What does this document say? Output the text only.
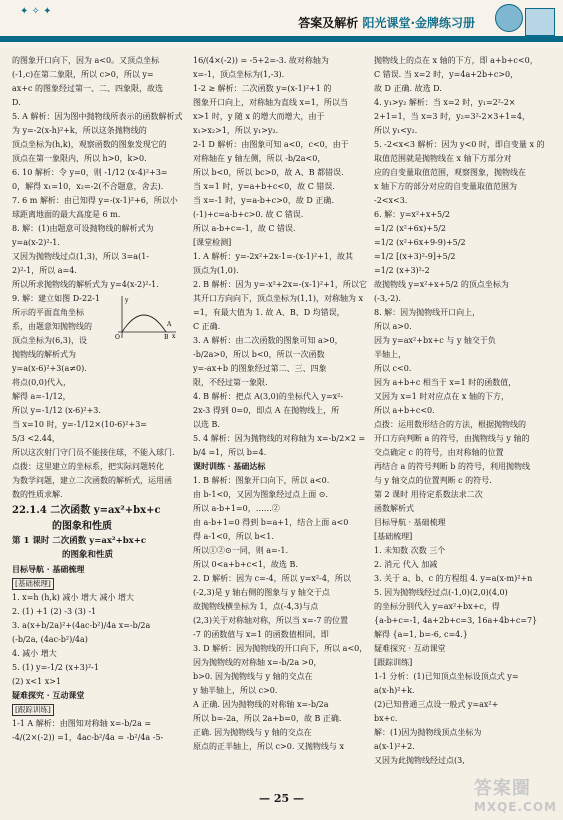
✦ ✧ ✦
答案及解析 阳光课堂·金牌练习册

的图象开口向下，因为 a<0。又顶点坐标

(-1,c)在第二象限，所以 c>0，所以 y=

ax+c 的图象经过第一、二、四象限，故选

D.

5. A 解析：因为图中抛物线所表示的函数解析式

为 y=-2(x-h)²+k，所以这条抛物线的

顶点坐标为(h,k)，观察函数的图象发现它的

顶点在第一象限内，所以 h>0，k>0.

6. 10 解析：令 y=0，则 -1/12 (x-4)²+3=

0，解得 x₁=10，x₂=-2(不合题意，舍去).

7. 6 m 解析：由已知得 y=-(x-1)²+6，所以小

球距离地面的最大高度是 6 m.

8. 解：(1)由题意可设抛物线的解析式为

y=a(x-2)²-1.

又因为抛物线过点(1,3)，所以 3=a(1-

2)²-1，所以 a=4.

所以所求抛物线的解析式为 y=4(x-2)²-1.

9. 解：建立如图 D-22-1

所示的平面直角坐标

系，由题意知抛物线的

顶点坐标为(6,3)，设

抛物线的解析式为

y=a(x-6)²+3(a≠0).

将点(0,0)代入，

解得 a=-1/12，

所以 y=-1/12 (x-6)²+3.

当 x=10 时，y=-1/12×(10-6)²+3=

5/3 <2.44，

所以这次射门守门员不能接住球，不能入球门.

点拨：这里建立的坐标系，把实际问题转化

为数学问题，建立二次函数的解析式，运用函

数的性质求解.

22.1.4 二次函数 y=ax²+bx+c

的图象和性质

第 1 课时 二次函数 y=ax²+bx+c

的图象和性质

目标导航 · 基础梳理

[基础梳理]

1. x=h (h,k) 减小 增大 减小 增大

2. (1) +1 (2) -3 (3) -1

3. a(x+b/2a)²+(4ac-b²)/4a x=-b/2a

(-b/2a, (4ac-b²)/4a)

4. 减小 增大

5. (1) y=-1/2 (x+3)²-1

(2) x<1 x>1

疑难探究 · 互动课堂

[跟踪训练]

1-1 A 解析：由图知对称轴 x=-b/2a =

-4/(2×(-2)) =1，4ac-b²/4a = -b²/4a -5-

y
x
O	B
A

16/(4×(-2)) = -5+2=-3. 故对称轴为

x=-1，顶点坐标为(1,-3).

1-2 ≥ 解析：二次函数 y=(x-1)²+1 的

图象开口向上，对称轴为直线 x=1，所以当

x>1 时，y 随 x 的增大而增大，由于

x₁>x₂>1，所以 y₁>y₂.

2-1 D 解析：由图象可知 a<0，c<0，由于

对称轴在 y 轴左侧，所以 -b/2a<0，

所以 b<0，所以 bc>0，故 A、B 都错误.

当 x=1 时，y=a+b+c<0，故 C 错误.

当 x=-1 时，y=a-b+c>0，故 D 正确.

(-1)+c=a-b+c>0. 故 C 错误.

所以 a-b+c=-1，故 C 错误.

[课堂检测]

1. A 解析：y=-2x²+2x-1=-(x-1)²+1，故其

顶点为(1,0).

2. B 解析：因为 y=-x²+2x=-(x-1)²+1，所以它

其开口方向向下，顶点坐标为(1,1)，对称轴为 x

=1，有最大值为 1. 故 A、B、D 均错误，

C 正确.

3. A 解析：由二次函数的图象可知 a>0，

-b/2a>0，所以 b<0，所以一次函数

y=-ax+b 的图象经过第二、三、四象

限，不经过第一象限.

4. B 解析：把点 A(3,0)的坐标代入 y=x²-

2x-3 得到 0=0，即点 A 在抛物线上，所

以选 B.

5. 4 解析：因为抛物线的对称轴为 x=-b/2×2 =

b/4 =1，所以 b=4.

课时训练 · 基础达标

1. B 解析：图象开口向下，所以 a<0.

由 b-1<0，又因为图象经过点上面 ⊙.

所以 a-b+1=0，……②

由 a-b+1=0 得到 b=a+1，结合上面 a<0

得 a-1<0，所以 b<1.

所以①②⊙一同，则 a=-1.

所以 0<a+b+c<1，故选 B.

2. D 解析：因为 c=-4，所以 y=x²-4，所以

(-2,3)是 y 轴右侧的图象与 y 轴交于点

故抛物线横坐标为 1，点(-4,3)与点

(2,3)关于对称轴对称，所以当 x=-7 的位置

-7 的函数值与 x=1 的函数值相同，即

3. D 解析：因为抛物线的开口向下，所以 a<0，

因为抛物线的对称轴 x=-b/2a >0，

b>0. 因为抛物线与 y 轴的交点在

y 轴半轴上，所以 c>0.

A 正确. 因为抛物线的对称轴 x=-b/2a

所以 b=-2a，所以 2a+b=0，故 B 正确.

正确. 因为抛物线与 y 轴的交点在

原点的正半轴上，所以 c>0. 又抛物线与 x

抛物线上的点在 x 轴的下方，即 a+b+c<0，

C 错误. 当 x=2 时，y=4a+2b+c>0，

故 D 正确. 故选 D.

4. y₁>y₂ 解析：当 x=2 时，y₁=2²-2×

2+1=1，当 x=3 时，y₂=3²-2×3+1=4，

所以 y₁<y₂.

5. -2<x<3 解析：因为 y<0 时，即自变量 x 的

取值范围就是抛物线在 x 轴下方部分对

应的自变量取值范围，观察图象，抛物线在

x 轴下方的部分对应的自变量取值范围为

-2<x<3.

6. 解：y=x²+x+5/2

=1/2 (x²+6x)+5/2

=1/2 (x²+6x+9-9)+5/2

=1/2 [(x+3)²-9]+5/2

=1/2 (x+3)²-2

故抛物线 y=x²+x+5/2 的顶点坐标为

(-3,-2).

8. 解：因为抛物线开口向上，

所以 a>0.

因为 y=ax²+bx+c 与 y 轴交于负

半轴上，

所以 c<0.

因为 a+b+c 相当于 x=1 时的函数值，

又因为 x=1 时对应点在 x 轴的下方，

所以 a+b+c<0.

点拨：运用数形结合的方法，根据抛物线的

开口方向判断 a 的符号，由抛物线与 y 轴的

交点确定 c 的符号，由对称轴的位置

再结合 a 的符号判断 b 的符号，利用抛物线

与 y 轴交点的位置判断 c 的符号.

第 2 课时 用待定系数法求二次

函数解析式

目标导航 · 基础梳理

[基础梳理]

1. 未知数 次数 三个

2. 消元 代入 加减

3. 关于 a、b、c 的方程组 4. y=a(x-m)²+n

5. 因为抛物线经过点(-1,0)(2,0)(4,0)

的坐标分别代入 y=ax²+bx+c，得

{a-b+c=-1, 4a+2b+c=3, 16a+4b+c=7}

解得 {a=1, b=-6, c=4.}

疑难探究 · 互动课堂

[跟踪训练]

1-1 分析：(1)已知顶点坐标设顶点式 y=

a(x-h)²+k.

(2)已知普通三点设一般式 y=ax²+

bx+c.

解：(1)因为抛物线顶点坐标为

a(x-1)²+2.

又因为此抛物线经过点(3,

— 25 —	答案圈
MXQE.COM
